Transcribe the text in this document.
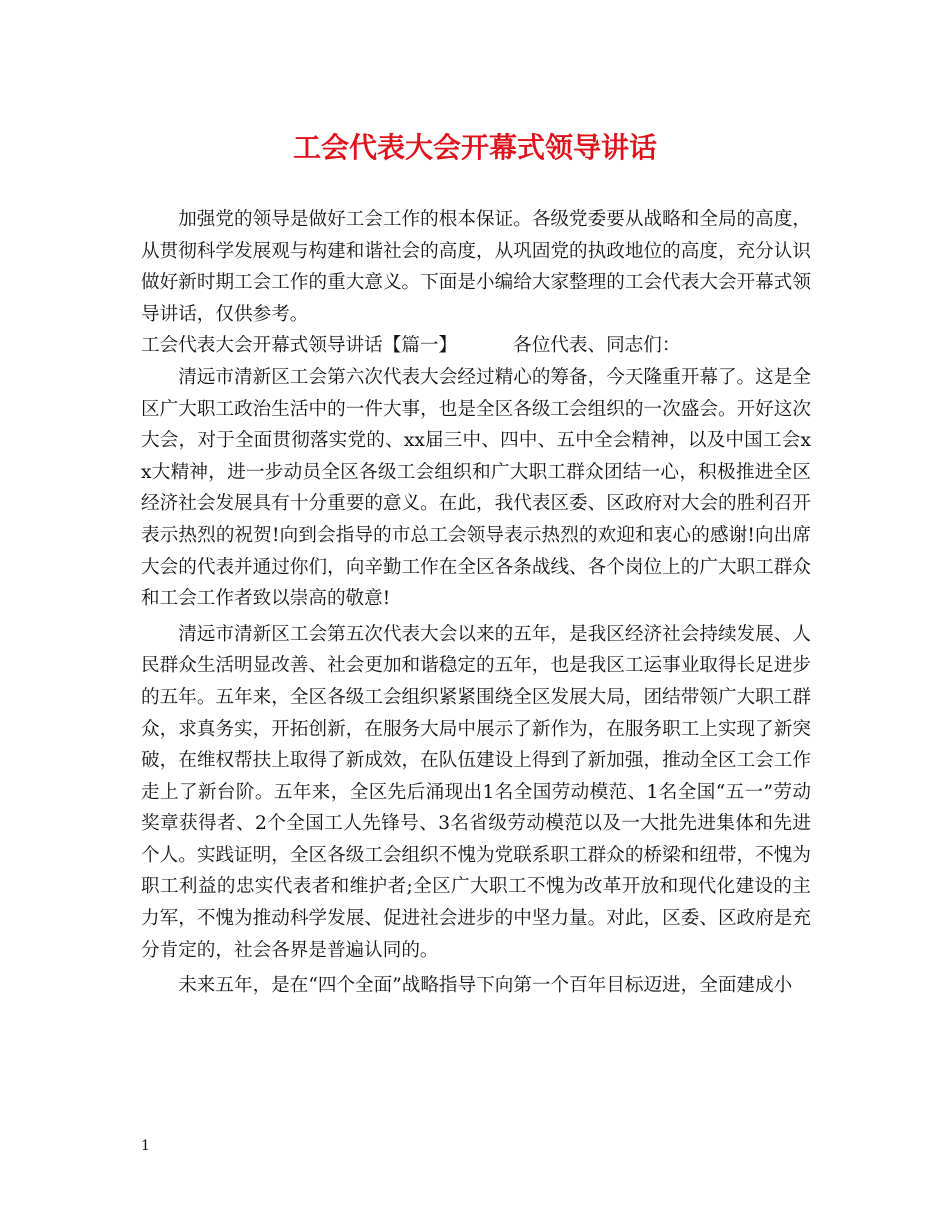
工会代表大会开幕式领导讲话

加强党的领导是做好工会工作的根本保证。各级党委要从战略和全局的高度，从贯彻科学发展观与构建和谐社会的高度，从巩固党的执政地位的高度，充分认识做好新时期工会工作的重大意义。下面是小编给大家整理的工会代表大会开幕式领导讲话，仅供参考。

工会代表大会开幕式领导讲话【篇一】	各位代表、同志们：

清远市清新区工会第六次代表大会经过精心的筹备，今天隆重开幕了。这是全区广大职工政治生活中的一件大事，也是全区各级工会组织的一次盛会。开好这次大会，对于全面贯彻落实党的、xx届三中、四中、五中全会精神，以及中国工会xx大精神，进一步动员全区各级工会组织和广大职工群众团结一心，积极推进全区经济社会发展具有十分重要的意义。在此，我代表区委、区政府对大会的胜利召开表示热烈的祝贺!向到会指导的市总工会领导表示热烈的欢迎和衷心的感谢!向出席大会的代表并通过你们，向辛勤工作在全区各条战线、各个岗位上的广大职工群众和工会工作者致以崇高的敬意!

清远市清新区工会第五次代表大会以来的五年，是我区经济社会持续发展、人民群众生活明显改善、社会更加和谐稳定的五年，也是我区工运事业取得长足进步的五年。五年来，全区各级工会组织紧紧围绕全区发展大局，团结带领广大职工群众，求真务实，开拓创新，在服务大局中展示了新作为，在服务职工上实现了新突破，在维权帮扶上取得了新成效，在队伍建设上得到了新加强，推动全区工会工作走上了新台阶。五年来，全区先后涌现出1名全国劳动模范、1名全国“五一”劳动奖章获得者、2个全国工人先锋号、3名省级劳动模范以及一大批先进集体和先进个人。实践证明，全区各级工会组织不愧为党联系职工群众的桥梁和纽带，不愧为职工利益的忠实代表者和维护者;全区广大职工不愧为改革开放和现代化建设的主力军，不愧为推动科学发展、促进社会进步的中坚力量。对此，区委、区政府是充分肯定的，社会各界是普遍认同的。

未来五年，是在“四个全面”战略指导下向第一个百年目标迈进，全面建成小

1
